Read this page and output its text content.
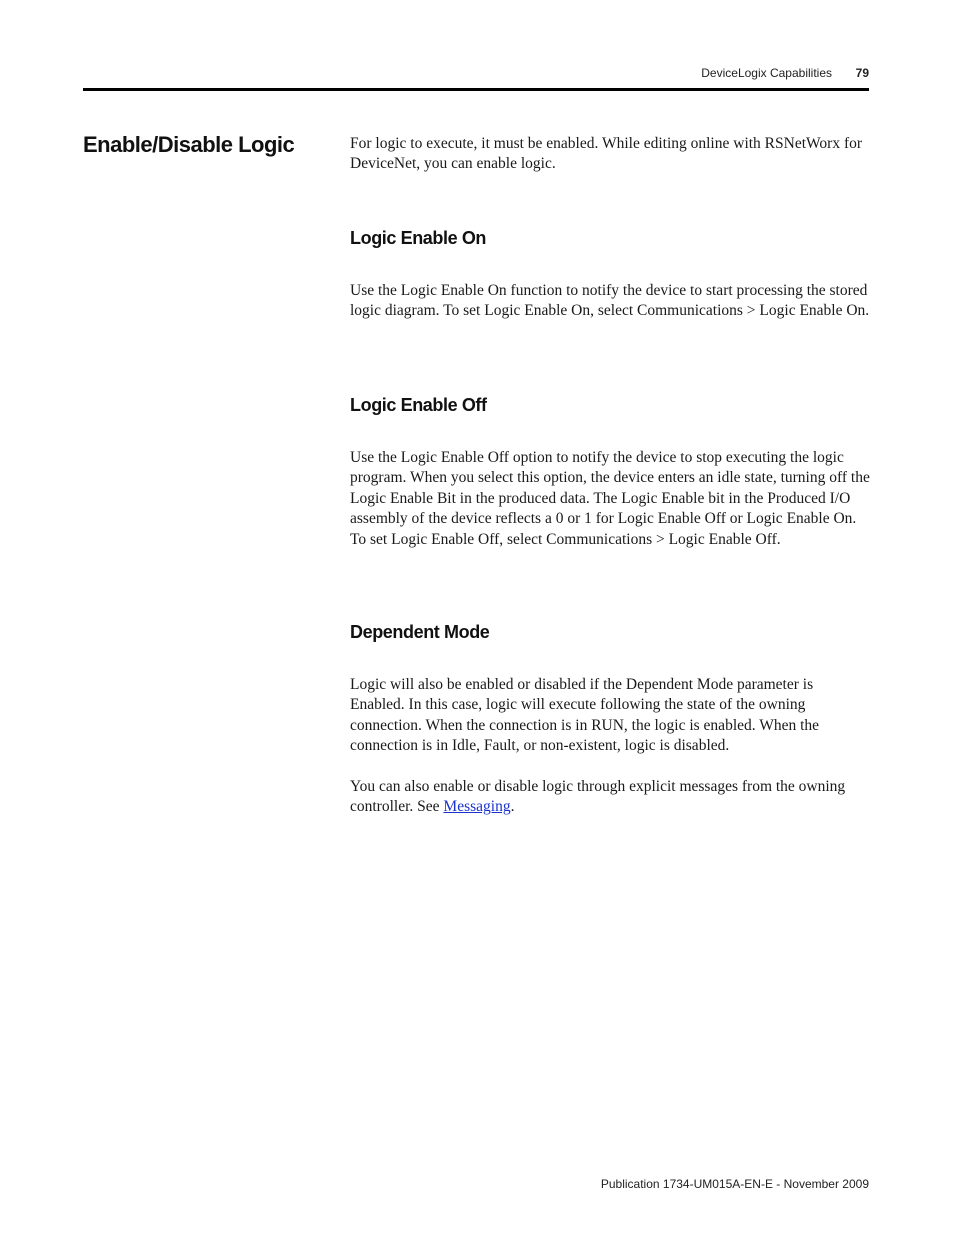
DeviceLogix Capabilities 79
Enable/Disable Logic	For logic to execute, it must be enabled. While editing online with RSNetWorx for DeviceNet, you can enable logic.

Logic Enable On

Use the Logic Enable On function to notify the device to start processing the stored logic diagram. To set Logic Enable On, select Communications > Logic Enable On.

Logic Enable Off

Use the Logic Enable Off option to notify the device to stop executing the logic program. When you select this option, the device enters an idle state, turning off the Logic Enable Bit in the produced data. The Logic Enable bit in the Produced I/O assembly of the device reflects a 0 or 1 for Logic Enable Off or Logic Enable On. To set Logic Enable Off, select Communications > Logic Enable Off.

Dependent Mode

Logic will also be enabled or disabled if the Dependent Mode parameter is Enabled. In this case, logic will execute following the state of the owning connection. When the connection is in RUN, the logic is enabled. When the connection is in Idle, Fault, or non-existent, logic is disabled.

You can also enable or disable logic through explicit messages from the owning controller. See Messaging.

Publication 1734-UM015A-EN-E - November 2009
